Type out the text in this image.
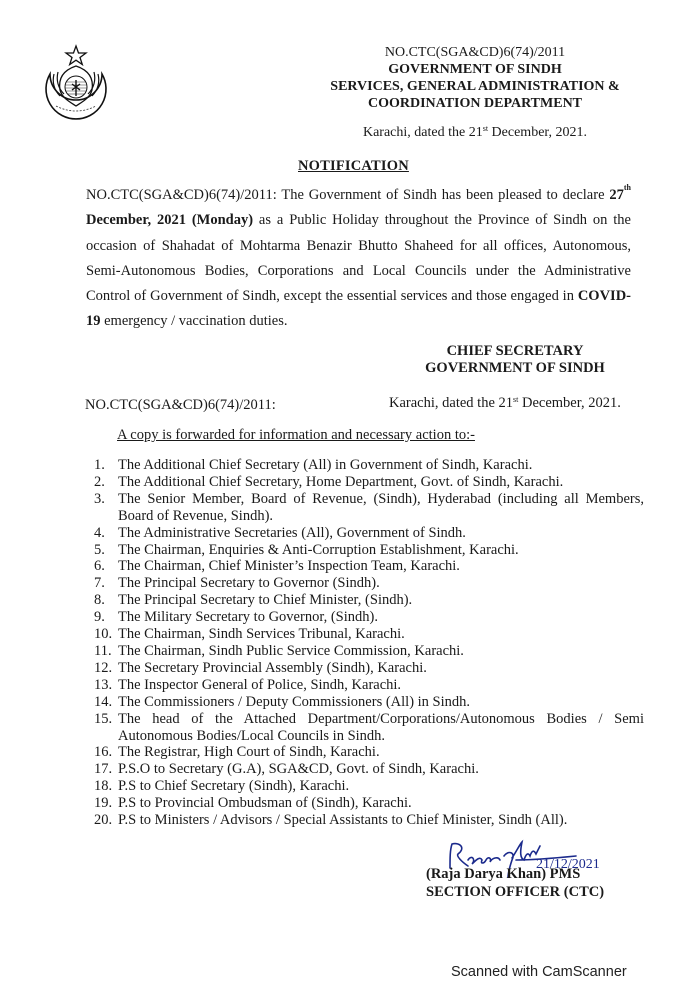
NO.CTC(SGA&CD)6(74)/2011
GOVERNMENT OF SINDH
SERVICES, GENERAL ADMINISTRATION &
COORDINATION DEPARTMENT
Karachi, dated the 21st December, 2021.
NOTIFICATION
NO.CTC(SGA&CD)6(74)/2011: The Government of Sindh has been pleased to declare 27th December, 2021 (Monday) as a Public Holiday throughout the Province of Sindh on the occasion of Shahadat of Mohtarma Benazir Bhutto Shaheed for all offices, Autonomous, Semi-Autonomous Bodies, Corporations and Local Councils under the Administrative Control of Government of Sindh, except the essential services and those engaged in COVID-19 emergency / vaccination duties.
CHIEF SECRETARY
GOVERNMENT OF SINDH
NO.CTC(SGA&CD)6(74)/2011:	Karachi, dated the 21st December, 2021.
A copy is forwarded for information and necessary action to:-
1. The Additional Chief Secretary (All) in Government of Sindh, Karachi.
2. The Additional Chief Secretary, Home Department, Govt. of Sindh, Karachi.
3. The Senior Member, Board of Revenue, (Sindh), Hyderabad (including all Members, Board of Revenue, Sindh).
4. The Administrative Secretaries (All), Government of Sindh.
5. The Chairman, Enquiries & Anti-Corruption Establishment, Karachi.
6. The Chairman, Chief Minister’s Inspection Team, Karachi.
7. The Principal Secretary to Governor (Sindh).
8. The Principal Secretary to Chief Minister, (Sindh).
9. The Military Secretary to Governor, (Sindh).
10. The Chairman, Sindh Services Tribunal, Karachi.
11. The Chairman, Sindh Public Service Commission, Karachi.
12. The Secretary Provincial Assembly (Sindh), Karachi.
13. The Inspector General of Police, Sindh, Karachi.
14. The Commissioners / Deputy Commissioners (All) in Sindh.
15. The head of the Attached Department/Corporations/Autonomous Bodies / Semi Autonomous Bodies/Local Councils in Sindh.
16. The Registrar, High Court of Sindh, Karachi.
17. P.S.O to Secretary (G.A), SGA&CD, Govt. of Sindh, Karachi.
18. P.S to Chief Secretary (Sindh), Karachi.
19. P.S to Provincial Ombudsman of (Sindh), Karachi.
20. P.S to Ministers / Advisors / Special Assistants to Chief Minister, Sindh (All).
21/12/2021
(Raja Darya Khan) PMS
SECTION OFFICER (CTC)
Scanned with CamScanner
